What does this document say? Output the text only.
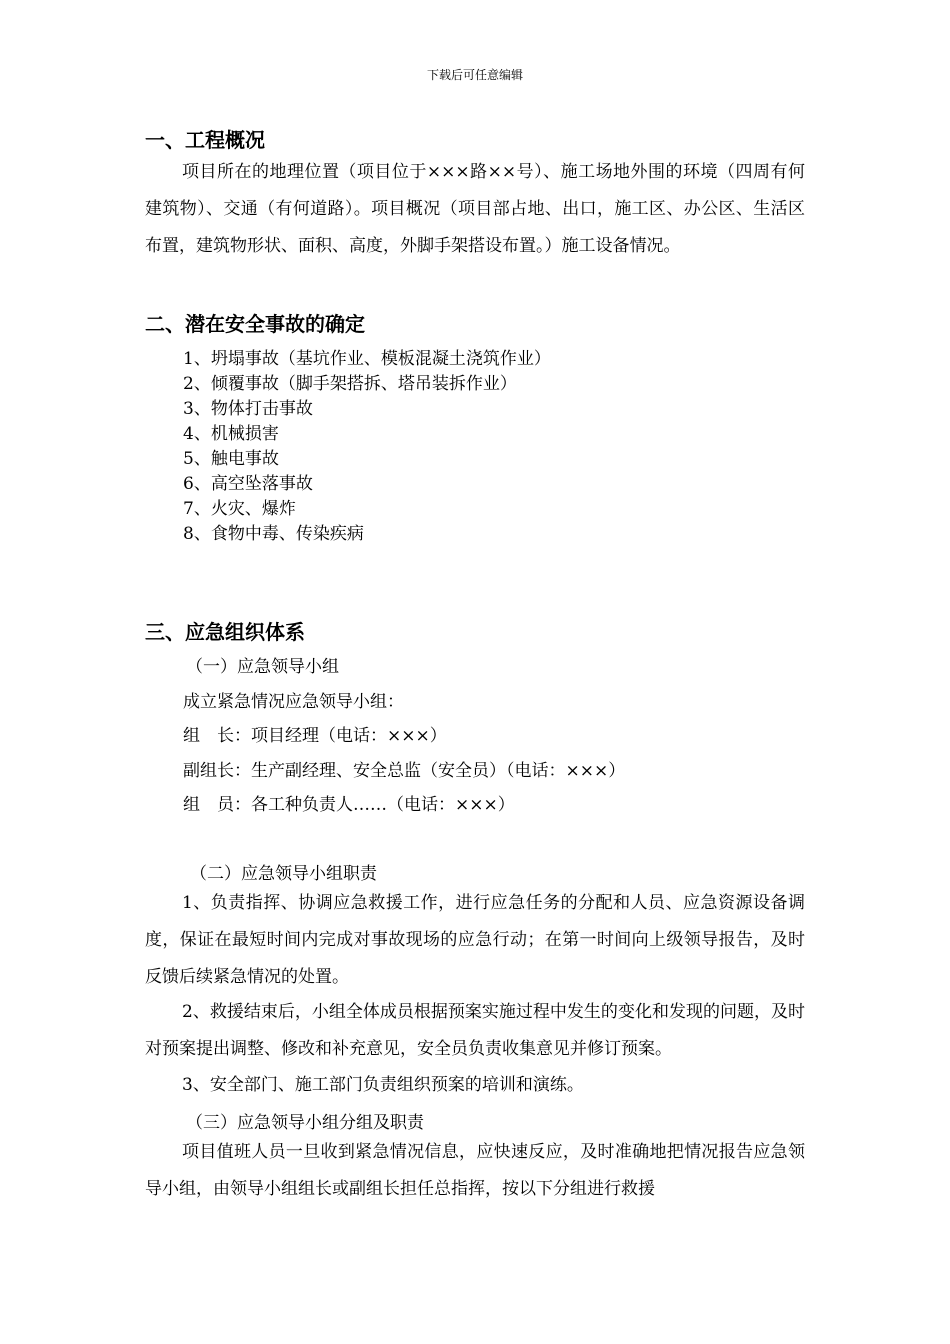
下载后可任意编辑
一、工程概况
项目所在的地理位置（项目位于×××路××号）、施工场地外围的环境（四周有何建筑物）、交通（有何道路）。项目概况（项目部占地、出口，施工区、办公区、生活区布置，建筑物形状、面积、高度，外脚手架搭设布置。）施工设备情况。
二、潜在安全事故的确定
1、坍塌事故（基坑作业、模板混凝土浇筑作业）
2、倾覆事故（脚手架搭拆、塔吊装拆作业）
3、物体打击事故
4、机械损害
5、触电事故
6、高空坠落事故
7、火灾、爆炸
8、食物中毒、传染疾病
三、应急组织体系
（一）应急领导小组
成立紧急情况应急领导小组：
组　长：项目经理（电话：×××）
副组长：生产副经理、安全总监（安全员）（电话：×××）
组　员：各工种负责人……（电话：×××）
（二）应急领导小组职责
1、负责指挥、协调应急救援工作，进行应急任务的分配和人员、应急资源设备调度，保证在最短时间内完成对事故现场的应急行动；在第一时间向上级领导报告，及时反馈后续紧急情况的处置。
2、救援结束后，小组全体成员根据预案实施过程中发生的变化和发现的问题，及时对预案提出调整、修改和补充意见，安全员负责收集意见并修订预案。
3、安全部门、施工部门负责组织预案的培训和演练。
（三）应急领导小组分组及职责
项目值班人员一旦收到紧急情况信息，应快速反应，及时准确地把情况报告应急领导小组，由领导小组组长或副组长担任总指挥，按以下分组进行救援
